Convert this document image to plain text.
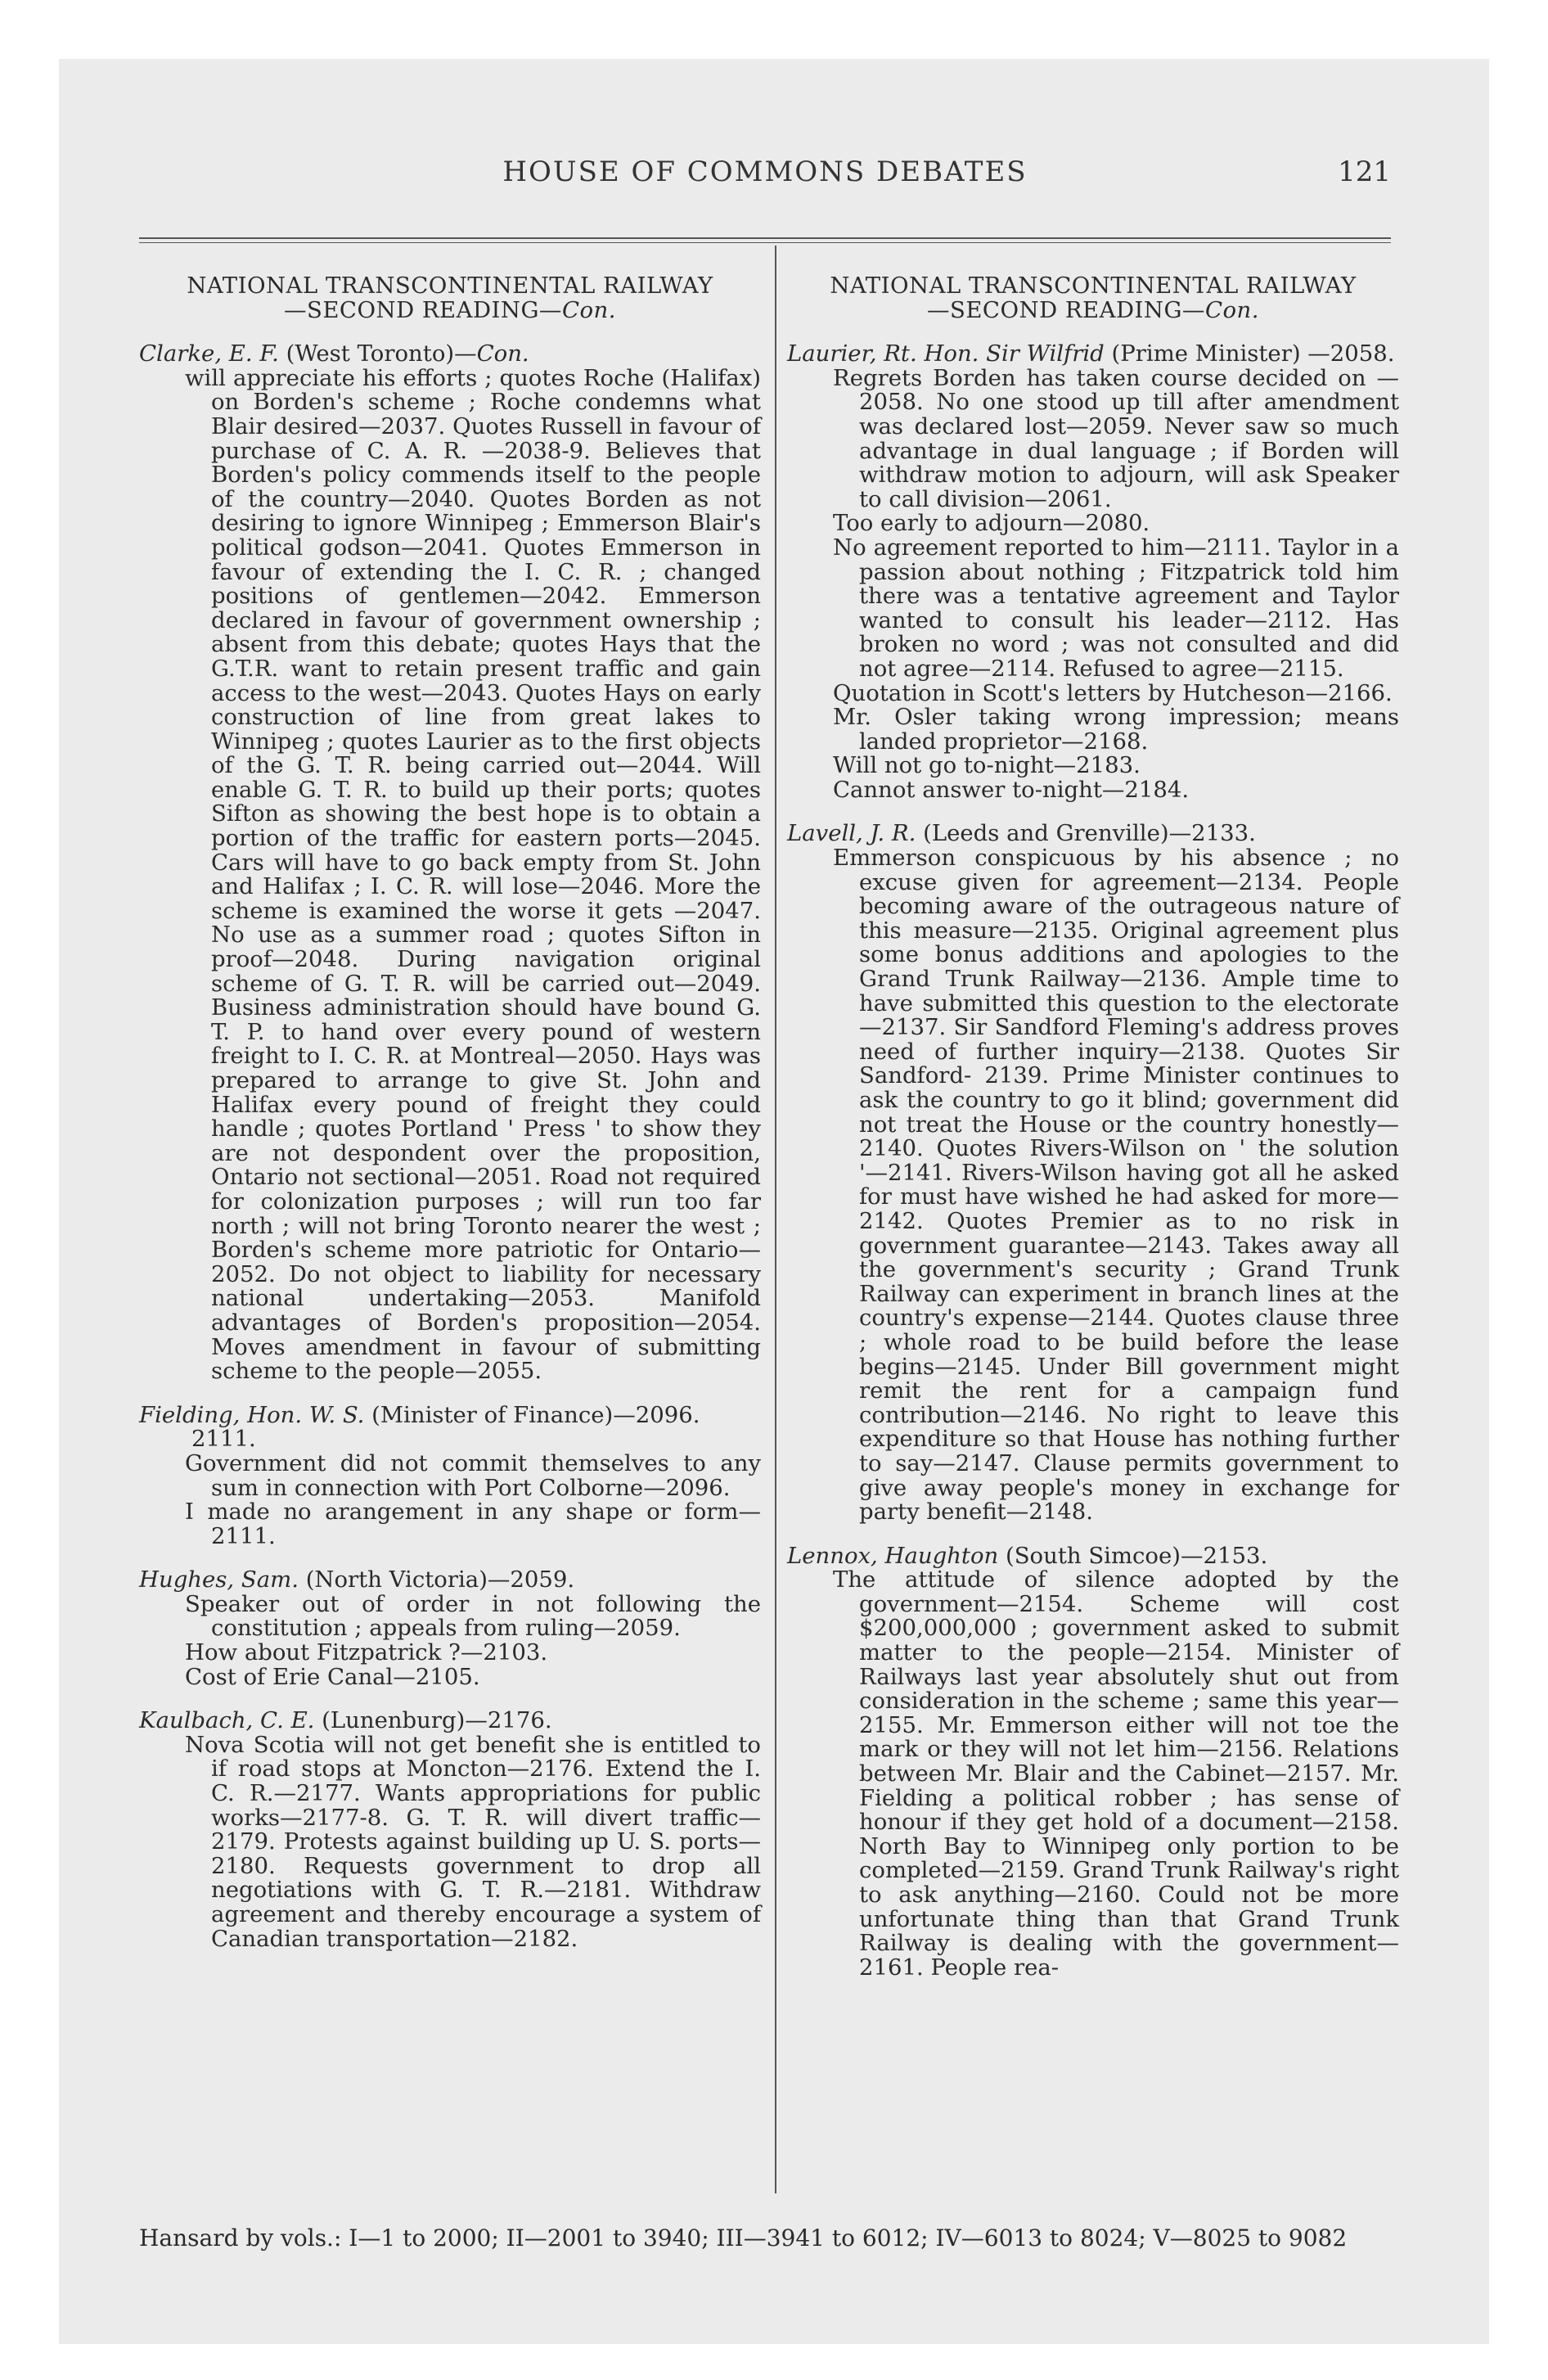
HOUSE OF COMMONS DEBATES	121
NATIONAL TRANSCONTINENTAL RAILWAY
—SECOND READING—Con.
Clarke, E. F. (West Toronto)—Con.
will appreciate his efforts ; quotes Roche (Halifax) on Borden's scheme ; Roche condemns what Blair desired—2037. Quotes Russell in favour of purchase of C. A. R. —2038-9. Believes that Borden's policy commends itself to the people of the country—2040. Quotes Borden as not desiring to ignore Winnipeg ; Emmerson Blair's political godson—2041. Quotes Emmerson in favour of extending the I. C. R. ; changed positions of gentlemen—2042. Emmerson declared in favour of government ownership ; absent from this debate; quotes Hays that the G.T.R. want to retain present traffic and gain access to the west—2043. Quotes Hays on early construction of line from great lakes to Winnipeg ; quotes Laurier as to the first objects of the G. T. R. being carried out—2044. Will enable G. T. R. to build up their ports; quotes Sifton as showing the best hope is to obtain a portion of the traffic for eastern ports—2045. Cars will have to go back empty from St. John and Halifax ; I. C. R. will lose—2046. More the scheme is examined the worse it gets —2047. No use as a summer road ; quotes Sifton in proof—2048. During navigation original scheme of G. T. R. will be carried out—2049. Business administration should have bound G. T. P. to hand over every pound of western freight to I. C. R. at Montreal—2050. Hays was prepared to arrange to give St. John and Halifax every pound of freight they could handle ; quotes Portland ' Press ' to show they are not despondent over the proposition, Ontario not sectional—2051. Road not required for colonization purposes ; will run too far north ; will not bring Toronto nearer the west ; Borden's scheme more patriotic for Ontario—2052. Do not object to liability for necessary national undertaking—2053. Manifold advantages of Borden's proposition—2054. Moves amendment in favour of submitting scheme to the people—2055.
Fielding, Hon. W. S. (Minister of Finance)—2096. 2111.
Government did not commit themselves to any sum in connection with Port Colborne—2096.
I made no arangement in any shape or form—2111.
Hughes, Sam. (North Victoria)—2059.
Speaker out of order in not following the constitution ; appeals from ruling—2059.
How about Fitzpatrick ?—2103.
Cost of Erie Canal—2105.
Kaulbach, C. E. (Lunenburg)—2176.
Nova Scotia will not get benefit she is entitled to if road stops at Moncton—2176. Extend the I. C. R.—2177. Wants appropriations for public works—2177-8. G. T. R. will divert traffic—2179. Protests against building up U. S. ports—2180. Requests government to drop all negotiations with G. T. R.—2181. Withdraw agreement and thereby encourage a system of Canadian transportation—2182.
NATIONAL TRANSCONTINENTAL RAILWAY
—SECOND READING—Con.
Laurier, Rt. Hon. Sir Wilfrid (Prime Minister) —2058.
Regrets Borden has taken course decided on —2058. No one stood up till after amendment was declared lost—2059. Never saw so much advantage in dual language ; if Borden will withdraw motion to adjourn, will ask Speaker to call division—2061.
Too early to adjourn—2080.
No agreement reported to him—2111. Taylor in a passion about nothing ; Fitzpatrick told him there was a tentative agreement and Taylor wanted to consult his leader—2112. Has broken no word ; was not consulted and did not agree—2114. Refused to agree—2115.
Quotation in Scott's letters by Hutcheson—2166.
Mr. Osler taking wrong impression; means landed proprietor—2168.
Will not go to-night—2183.
Cannot answer to-night—2184.
Lavell, J. R. (Leeds and Grenville)—2133.
Emmerson conspicuous by his absence ; no excuse given for agreement—2134. People becoming aware of the outrageous nature of this measure—2135. Original agreement plus some bonus additions and apologies to the Grand Trunk Railway—2136. Ample time to have submitted this question to the electorate—2137. Sir Sandford Fleming's address proves need of further inquiry—2138. Quotes Sir Sandford- 2139. Prime Minister continues to ask the country to go it blind; government did not treat the House or the country honestly—2140. Quotes Rivers-Wilson on ' the solution '—2141. Rivers-Wilson having got all he asked for must have wished he had asked for more—2142. Quotes Premier as to no risk in government guarantee—2143. Takes away all the government's security ; Grand Trunk Railway can experiment in branch lines at the country's expense—2144. Quotes clause three ; whole road to be build before the lease begins—2145. Under Bill government might remit the rent for a campaign fund contribution—2146. No right to leave this expenditure so that House has nothing further to say—2147. Clause permits government to give away people's money in exchange for party benefit—2148.
Lennox, Haughton (South Simcoe)—2153.
The attitude of silence adopted by the government—2154. Scheme will cost $200,000,000 ; government asked to submit matter to the people—2154. Minister of Railways last year absolutely shut out from consideration in the scheme ; same this year—2155. Mr. Emmerson either will not toe the mark or they will not let him—2156. Relations between Mr. Blair and the Cabinet—2157. Mr. Fielding a political robber ; has sense of honour if they get hold of a document—2158. North Bay to Winnipeg only portion to be completed—2159. Grand Trunk Railway's right to ask anything—2160. Could not be more unfortunate thing than that Grand Trunk Railway is dealing with the government—2161. People rea-
Hansard by vols.: I—1 to 2000; II—2001 to 3940; III—3941 to 6012; IV—6013 to 8024; V—8025 to 9082
